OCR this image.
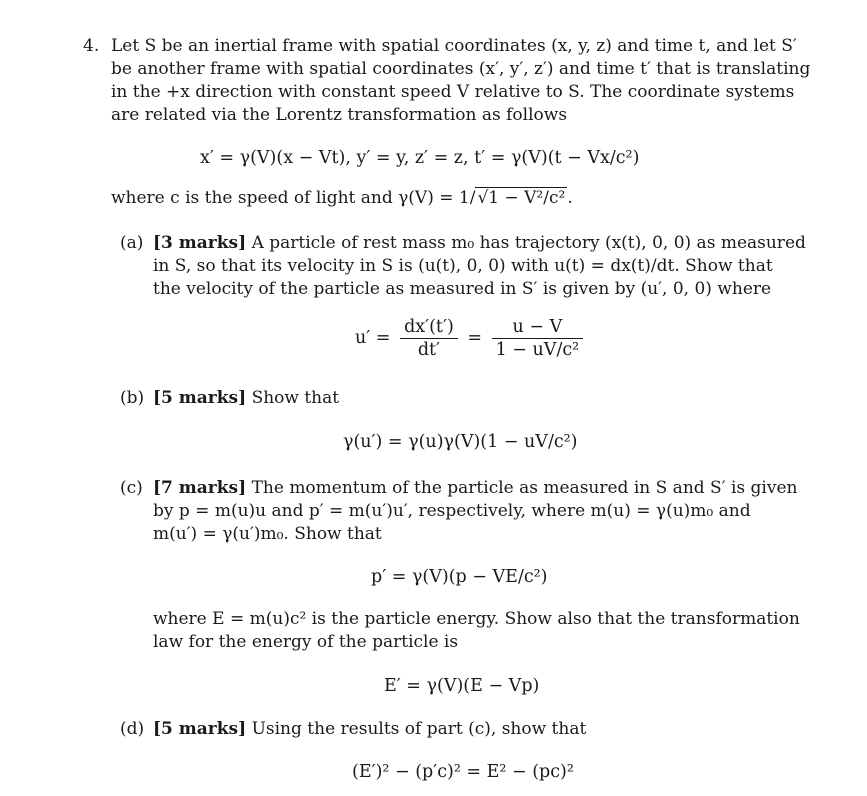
4. Let S be an inertial frame with spatial coordinates (x, y, z) and time t, and let S′
be another frame with spatial coordinates (x′, y′, z′) and time t′ that is translating
in the +x direction with constant speed V relative to S. The coordinate systems
are related via the Lorentz transformation as follows
x′ = γ(V)(x − Vt), y′ = y, z′ = z, t′ = γ(V)(t − Vx/c²)
where c is the speed of light and γ(V) = 1/ √1 − V²/c² .
(a) [3 marks] A particle of rest mass m₀ has trajectory (x(t), 0, 0) as measured
in S, so that its velocity in S is (u(t), 0, 0) with u(t) = dx(t)/dt. Show that
the velocity of the particle as measured in S′ is given by (u′, 0, 0) where
$u' = \frac{dx'(t')}{dt'} = \frac{u - V}{\text{1 − uV/c²}}$
(b) [5 marks] Show that
γ(u′) = γ(u)γ(V)(1 − uV/c²)
(c) [7 marks] The momentum of the particle as measured in S and S′ is given
by p = m(u)u and p′ = m(u′)u′, respectively, where m(u) = γ(u)m₀ and
m(u′) = γ(u′)m₀. Show that
p′ = γ(V)(p − VE/c²)
where E = m(u)c² is the particle energy. Show also that the transformation
law for the energy of the particle is
E′ = γ(V)(E − Vp)
(d) [5 marks] Using the results of part (c), show that
(E′)² − (p′c)² = E² − (pc)²
